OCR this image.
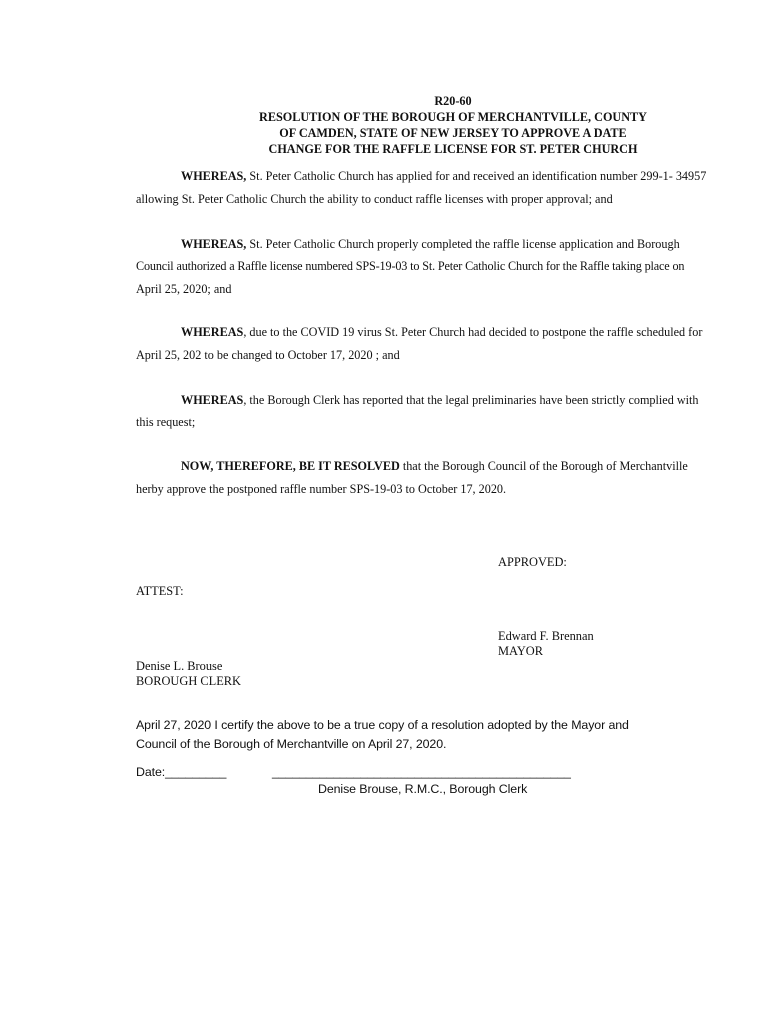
R20-60
RESOLUTION OF THE BOROUGH OF MERCHANTVILLE, COUNTY
OF CAMDEN, STATE OF NEW JERSEY TO APPROVE A DATE
CHANGE FOR THE RAFFLE LICENSE FOR ST. PETER CHURCH
WHEREAS, St. Peter Catholic Church has applied for and received an identification number 299-1- 34957
allowing St. Peter Catholic Church the ability to conduct raffle licenses with proper approval; and
WHEREAS, St. Peter Catholic Church properly completed the raffle license application and Borough
Council authorized a Raffle license numbered SPS-19-03 to St. Peter Catholic Church for the Raffle taking place on
April 25, 2020; and
WHEREAS, due to the COVID 19 virus St. Peter Church had decided to postpone the raffle scheduled for
April 25, 202 to be changed to October 17, 2020 ; and
WHEREAS, the Borough Clerk has reported that the legal preliminaries have been strictly complied with
this request;
NOW, THEREFORE, BE IT RESOLVED that the Borough Council of the Borough of Merchantville
herby approve the postponed raffle number SPS-19-03 to October 17, 2020.
APPROVED:
ATTEST:
Edward F. Brennan
MAYOR
Denise L. Brouse
BOROUGH CLERK
April 27, 2020 I certify the above to be a true copy of a resolution adopted by the Mayor and
Council of the Borough of Merchantville on April 27, 2020.
Date:_________	____________________________________________
Denise Brouse, R.M.C., Borough Clerk
